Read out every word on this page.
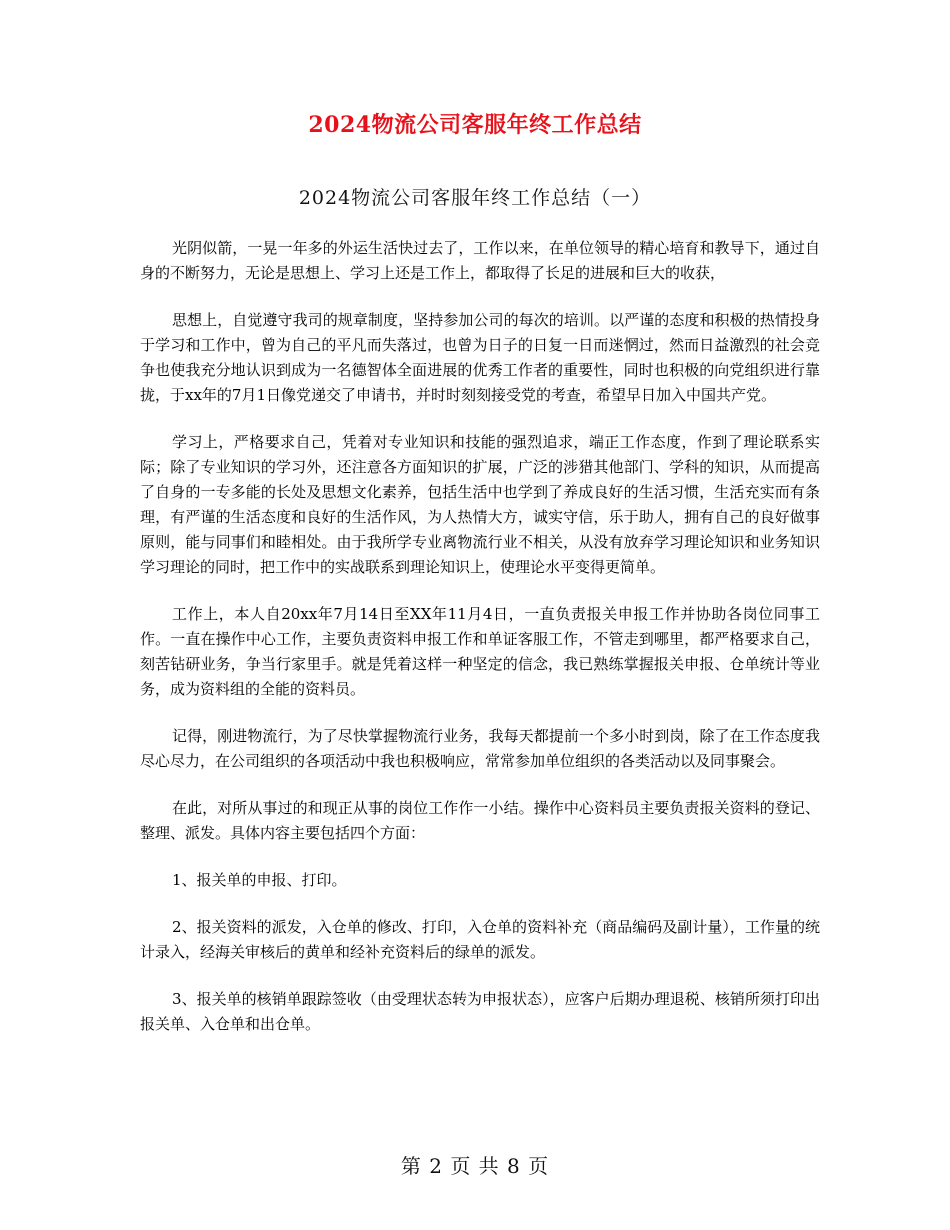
2024物流公司客服年终工作总结
2024物流公司客服年终工作总结（一）

光阴似箭，一晃一年多的外运生活快过去了，工作以来，在单位领导的精心培育和教导下，通过自身的不断努力，无论是思想上、学习上还是工作上，都取得了长足的进展和巨大的收获，

思想上，自觉遵守我司的规章制度，坚持参加公司的每次的培训。以严谨的态度和积极的热情投身于学习和工作中，曾为自己的平凡而失落过，也曾为日子的日复一日而迷惘过，然而日益激烈的社会竞争也使我充分地认识到成为一名德智体全面进展的优秀工作者的重要性，同时也积极的向党组织进行靠拢，于xx年的7月1日像党递交了申请书，并时时刻刻接受党的考查，希望早日加入中国共产党。

学习上，严格要求自己，凭着对专业知识和技能的强烈追求，端正工作态度，作到了理论联系实际；除了专业知识的学习外，还注意各方面知识的扩展，广泛的涉猎其他部门、学科的知识，从而提高了自身的一专多能的长处及思想文化素养，包括生活中也学到了养成良好的生活习惯，生活充实而有条理，有严谨的生活态度和良好的生活作风，为人热情大方，诚实守信，乐于助人，拥有自己的良好做事原则，能与同事们和睦相处。由于我所学专业离物流行业不相关，从没有放弃学习理论知识和业务知识学习理论的同时，把工作中的实战联系到理论知识上，使理论水平变得更简单。

工作上，本人自20xx年7月14日至XX年11月4日，一直负责报关申报工作并协助各岗位同事工作。一直在操作中心工作，主要负责资料申报工作和单证客服工作，不管走到哪里，都严格要求自己，刻苦钻研业务，争当行家里手。就是凭着这样一种坚定的信念，我已熟练掌握报关申报、仓单统计等业务，成为资料组的全能的资料员。

记得，刚进物流行，为了尽快掌握物流行业务，我每天都提前一个多小时到岗，除了在工作态度我尽心尽力，在公司组织的各项活动中我也积极响应，常常参加单位组织的各类活动以及同事聚会。

在此，对所从事过的和现正从事的岗位工作作一小结。操作中心资料员主要负责报关资料的登记、整理、派发。具体内容主要包括四个方面：

1、报关单的申报、打印。

2、报关资料的派发，入仓单的修改、打印，入仓单的资料补充（商品编码及副计量），工作量的统计录入，经海关审核后的黄单和经补充资料后的绿单的派发。

3、报关单的核销单跟踪签收（由受理状态转为申报状态），应客户后期办理退税、核销所须打印出报关单、入仓单和出仓单。

第 2 页 共 8 页
